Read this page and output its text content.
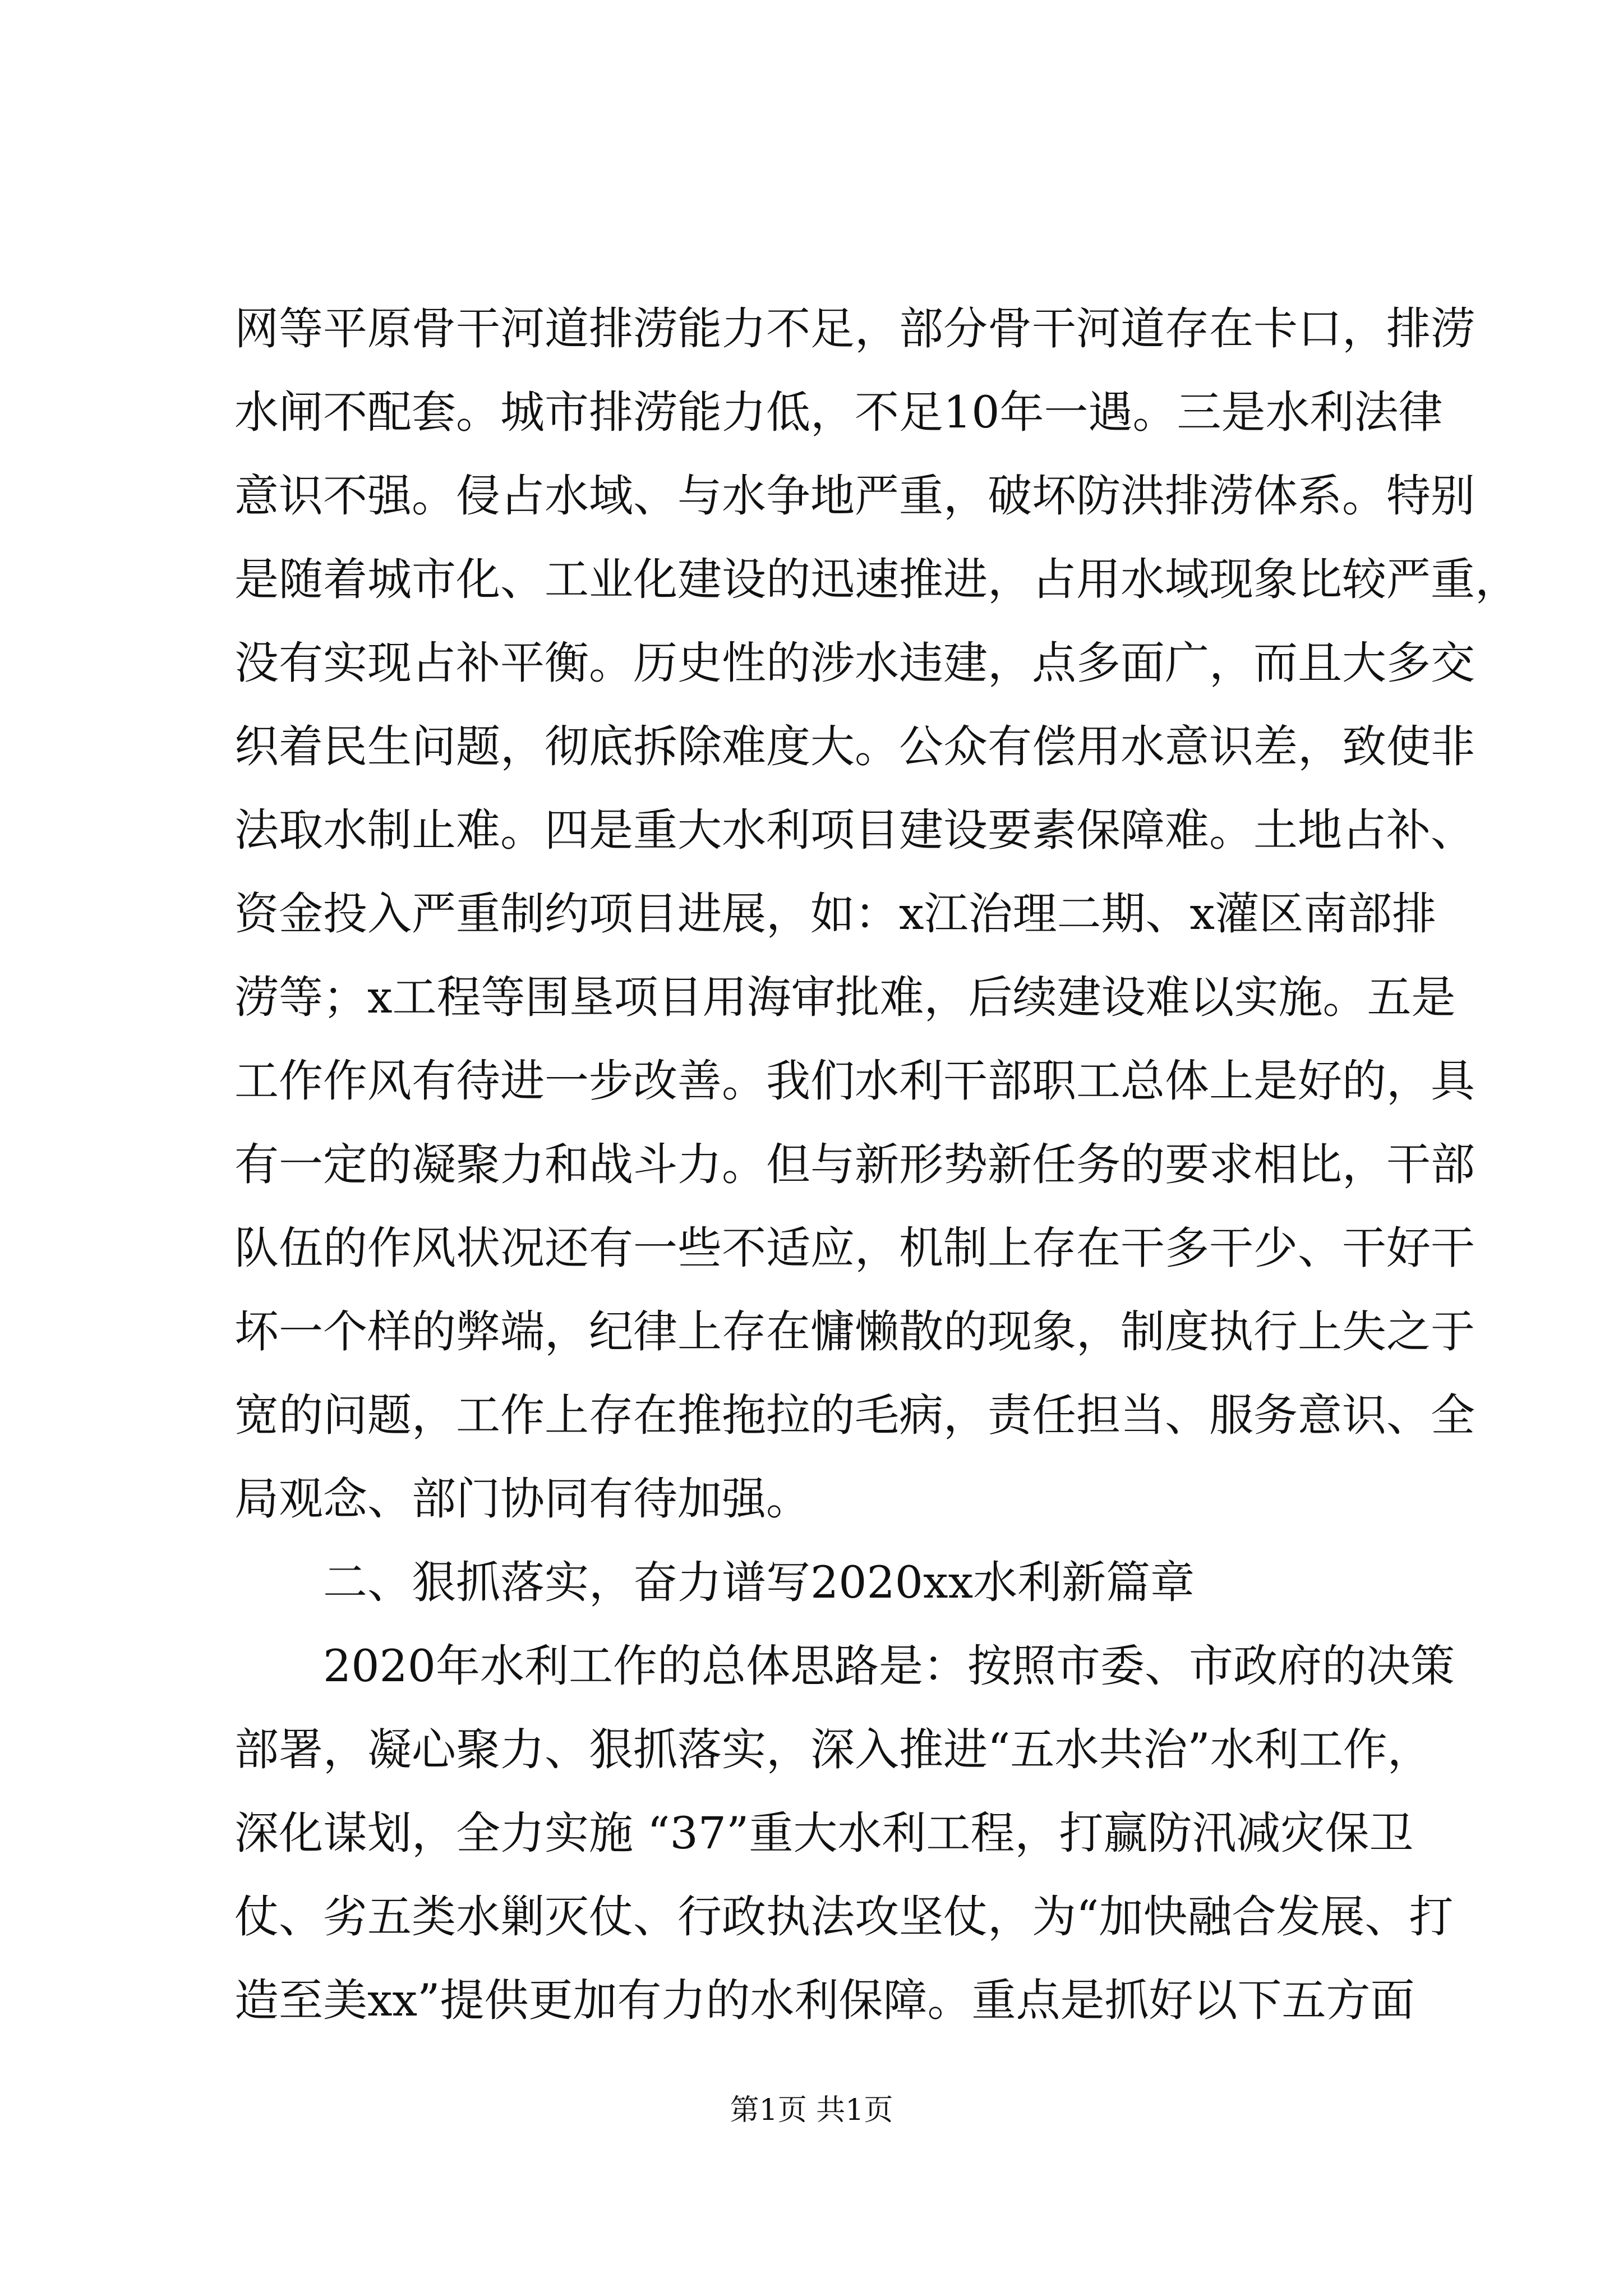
网等平原骨干河道排涝能力不足，部分骨干河道存在卡口，排涝
水闸不配套。城市排涝能力低，不足10年一遇。三是水利法律
意识不强。侵占水域、与水争地严重，破坏防洪排涝体系。特别
是随着城市化、工业化建设的迅速推进，占用水域现象比较严重，
没有实现占补平衡。历史性的涉水违建，点多面广，而且大多交
织着民生问题，彻底拆除难度大。公众有偿用水意识差，致使非
法取水制止难。四是重大水利项目建设要素保障难。土地占补、
资金投入严重制约项目进展，如：x江治理二期、x灌区南部排
涝等；x工程等围垦项目用海审批难，后续建设难以实施。五是
工作作风有待进一步改善。我们水利干部职工总体上是好的，具
有一定的凝聚力和战斗力。但与新形势新任务的要求相比，干部
队伍的作风状况还有一些不适应，机制上存在干多干少、干好干
坏一个样的弊端，纪律上存在慵懒散的现象，制度执行上失之于
宽的问题，工作上存在推拖拉的毛病，责任担当、服务意识、全
局观念、部门协同有待加强。
二、狠抓落实，奋力谱写2020xx水利新篇章
2020年水利工作的总体思路是：按照市委、市政府的决策
部署，凝心聚力、狠抓落实，深入推进“五水共治”水利工作，
深化谋划，全力实施 “37”重大水利工程，打赢防汛减灾保卫
仗、劣五类水剿灭仗、行政执法攻坚仗，为“加快融合发展、打
造至美xx”提供更加有力的水利保障。重点是抓好以下五方面
第1页 共1页
